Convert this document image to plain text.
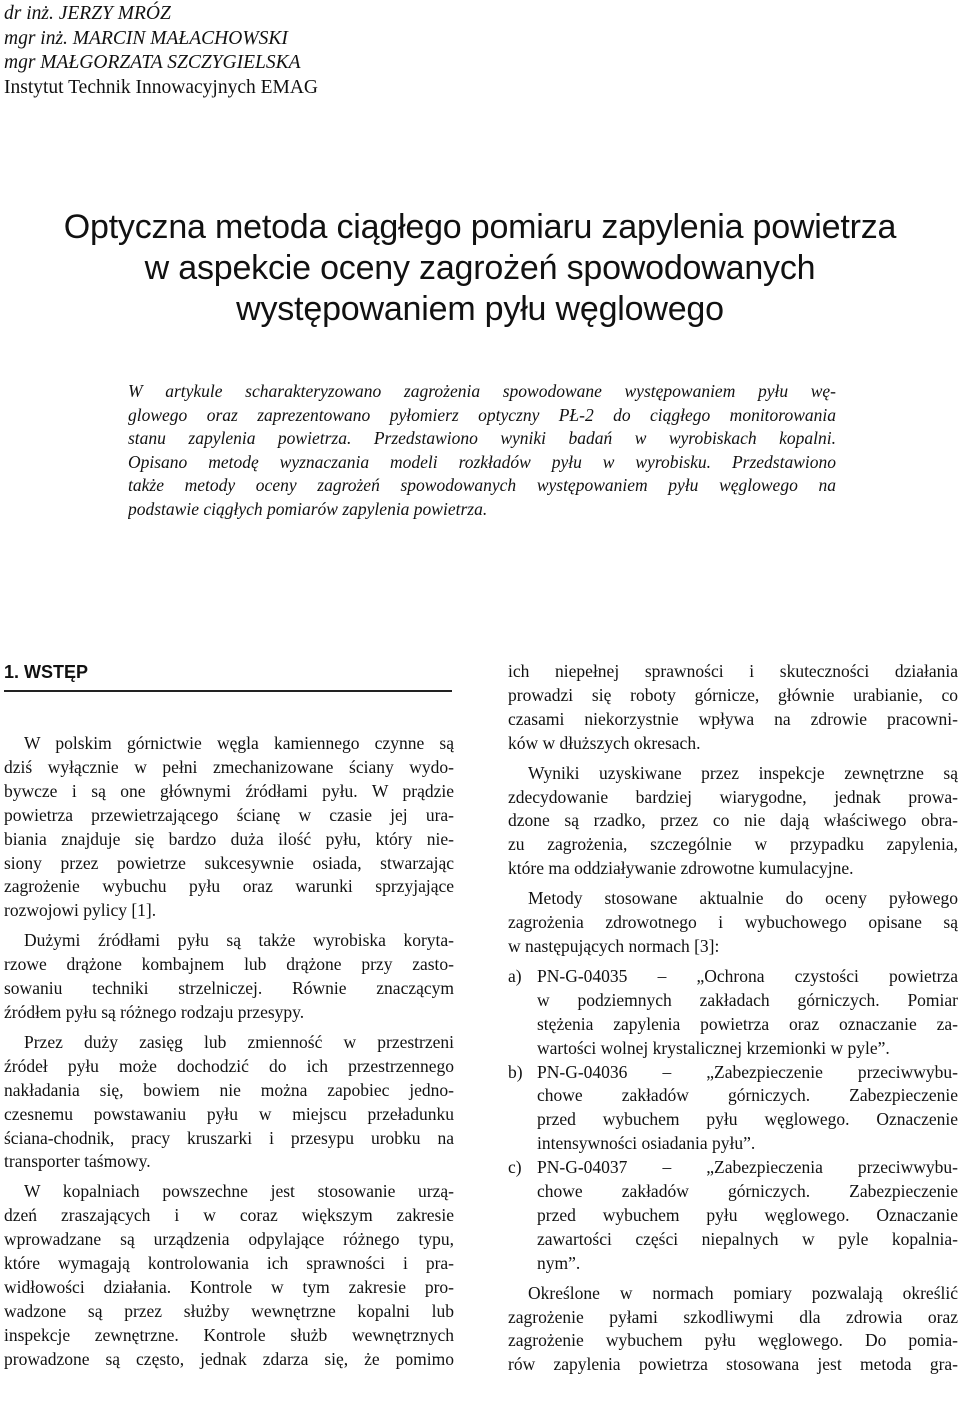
dr inż. JERZY MRÓZ
mgr inż. MARCIN MAŁACHOWSKI
mgr MAŁGORZATA SZCZYGIELSKA
Instytut Technik Innowacyjnych EMAG
Optyczna metoda ciągłego pomiaru zapylenia powietrza
w aspekcie oceny zagrożeń spowodowanych
występowaniem pyłu węglowego
W artykule scharakteryzowano zagrożenia spowodowane występowaniem pyłu wę-
glowego oraz zaprezentowano pyłomierz optyczny PŁ-2 do ciągłego monitorowania
stanu zapylenia powietrza. Przedstawiono wyniki badań w wyrobiskach kopalni.
Opisano metodę wyznaczania modeli rozkładów pyłu w wyrobisku. Przedstawiono
także metody oceny zagrożeń spowodowanych występowaniem pyłu węglowego na
podstawie ciągłych pomiarów zapylenia powietrza.
1. WSTĘP

W polskim górnictwie węgla kamiennego czynne są
dziś wyłącznie w pełni zmechanizowane ściany wydo-
bywcze i są one głównymi źródłami pyłu. W prądzie
powietrza przewietrzającego ścianę w czasie jej ura-
biania znajduje się bardzo duża ilość pyłu, który nie-
siony przez powietrze sukcesywnie osiada, stwarzając
zagrożenie wybuchu pyłu oraz warunki sprzyjające
rozwojowi pylicy [1].

Dużymi źródłami pyłu są także wyrobiska koryta-
rzowe drążone kombajnem lub drążone przy zasto-
sowaniu techniki strzelniczej. Równie znaczącym
źródłem pyłu są różnego rodzaju przesypy.

Przez duży zasięg lub zmienność w przestrzeni
źródeł pyłu może dochodzić do ich przestrzennego
nakładania się, bowiem nie można zapobiec jedno-
czesnemu powstawaniu pyłu w miejscu przeładunku
ściana-chodnik, pracy kruszarki i przesypu urobku na
transporter taśmowy.

W kopalniach powszechne jest stosowanie urzą-
dzeń zraszających i w coraz większym zakresie
wprowadzane są urządzenia odpylające różnego typu,
które wymagają kontrolowania ich sprawności i pra-
widłowości działania. Kontrole w tym zakresie pro-
wadzone są przez służby wewnętrzne kopalni lub
inspekcje zewnętrzne. Kontrole służb wewnętrznych
prowadzone są często, jednak zdarza się, że pomimo

ich niepełnej sprawności i skuteczności działania
prowadzi się roboty górnicze, głównie urabianie, co
czasami niekorzystnie wpływa na zdrowie pracowni-
ków w dłuższych okresach.

Wyniki uzyskiwane przez inspekcje zewnętrzne są
zdecydowanie bardziej wiarygodne, jednak prowa-
dzone są rzadko, przez co nie dają właściwego obra-
zu zagrożenia, szczególnie w przypadku zapylenia,
które ma oddziaływanie zdrowotne kumulacyjne.

Metody stosowane aktualnie do oceny pyłowego
zagrożenia zdrowotnego i wybuchowego opisane są
w następujących normach [3]:

a) PN-G-04035 – „Ochrona czystości powietrza
w podziemnych zakładach górniczych. Pomiar
stężenia zapylenia powietrza oraz oznaczanie za-
wartości wolnej krystalicznej krzemionki w pyle”.
b) PN-G-04036 – „Zabezpieczenie przeciwwybu-
chowe zakładów górniczych. Zabezpieczenie
przed wybuchem pyłu węglowego. Oznaczenie
intensywności osiadania pyłu”.
c) PN-G-04037 – „Zabezpieczenia przeciwwybu-
chowe zakładów górniczych. Zabezpieczenie
przed wybuchem pyłu węglowego. Oznaczanie
zawartości części niepalnych w pyle kopalnia-
nym”.

Określone w normach pomiary pozwalają określić
zagrożenie pyłami szkodliwymi dla zdrowia oraz
zagrożenie wybuchem pyłu węglowego. Do pomia-
rów zapylenia powietrza stosowana jest metoda gra-
